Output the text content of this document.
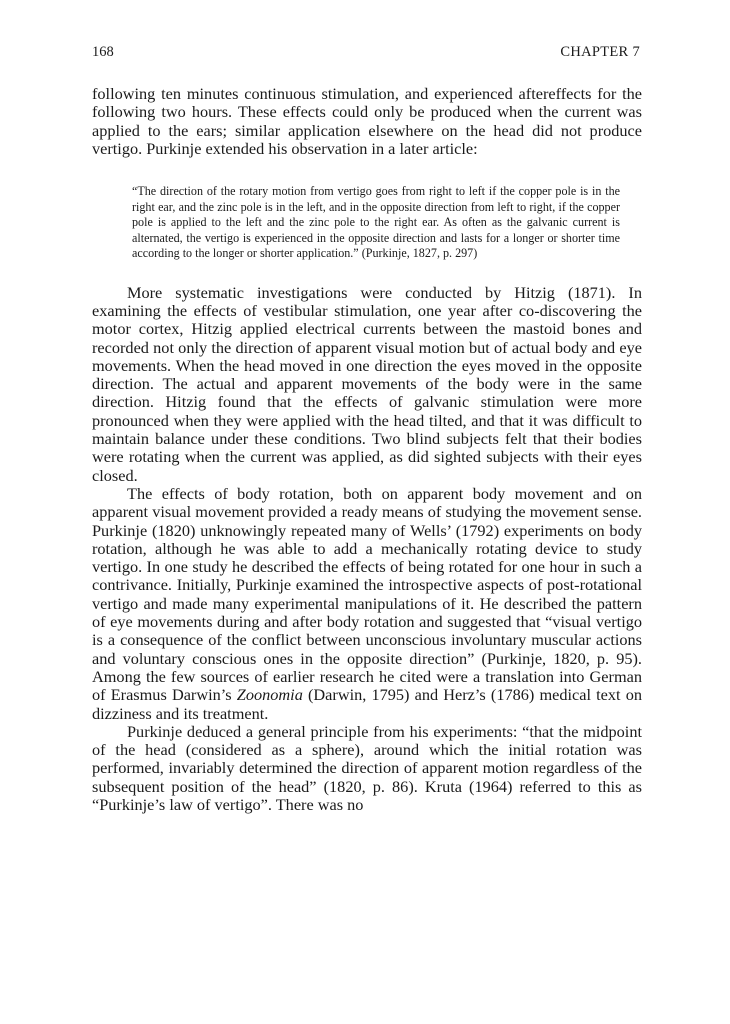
168	CHAPTER 7

following ten minutes continuous stimulation, and experienced aftereffects for the following two hours. These effects could only be produced when the current was applied to the ears; similar application elsewhere on the head did not produce vertigo. Purkinje extended his observation in a later article:

“The direction of the rotary motion from vertigo goes from right to left if the copper pole is in the right ear, and the zinc pole is in the left, and in the opposite direction from left to right, if the copper pole is applied to the left and the zinc pole to the right ear. As often as the galvanic current is alternated, the vertigo is experienced in the opposite direction and lasts for a longer or shorter time according to the longer or shorter application.” (Purkinje, 1827, p. 297)

More systematic investigations were conducted by Hitzig (1871). In examining the effects of vestibular stimulation, one year after co-discovering the motor cortex, Hitzig applied electrical currents between the mastoid bones and recorded not only the direction of apparent visual motion but of actual body and eye movements. When the head moved in one direction the eyes moved in the opposite direction. The actual and apparent movements of the body were in the same direction. Hitzig found that the effects of galvanic stimulation were more pronounced when they were applied with the head tilted, and that it was difficult to maintain balance under these conditions. Two blind subjects felt that their bodies were rotating when the current was applied, as did sighted subjects with their eyes closed.

The effects of body rotation, both on apparent body movement and on apparent visual movement provided a ready means of studying the movement sense. Purkinje (1820) unknowingly repeated many of Wells’ (1792) experiments on body rotation, although he was able to add a mechanically rotating device to study vertigo. In one study he described the effects of being rotated for one hour in such a contrivance. Initially, Purkinje examined the introspective aspects of post-rotational vertigo and made many experimental manipulations of it. He described the pattern of eye movements during and after body rotation and suggested that “visual vertigo is a consequence of the conflict between unconscious involuntary muscular actions and voluntary conscious ones in the opposite direction” (Purkinje, 1820, p. 95). Among the few sources of earlier research he cited were a translation into German of Erasmus Darwin’s Zoonomia (Darwin, 1795) and Herz’s (1786) medical text on dizziness and its treatment.

Purkinje deduced a general principle from his experiments: “that the midpoint of the head (considered as a sphere), around which the initial rotation was performed, invariably determined the direction of apparent motion regardless of the subsequent position of the head” (1820, p. 86). Kruta (1964) referred to this as “Purkinje’s law of vertigo”. There was no
